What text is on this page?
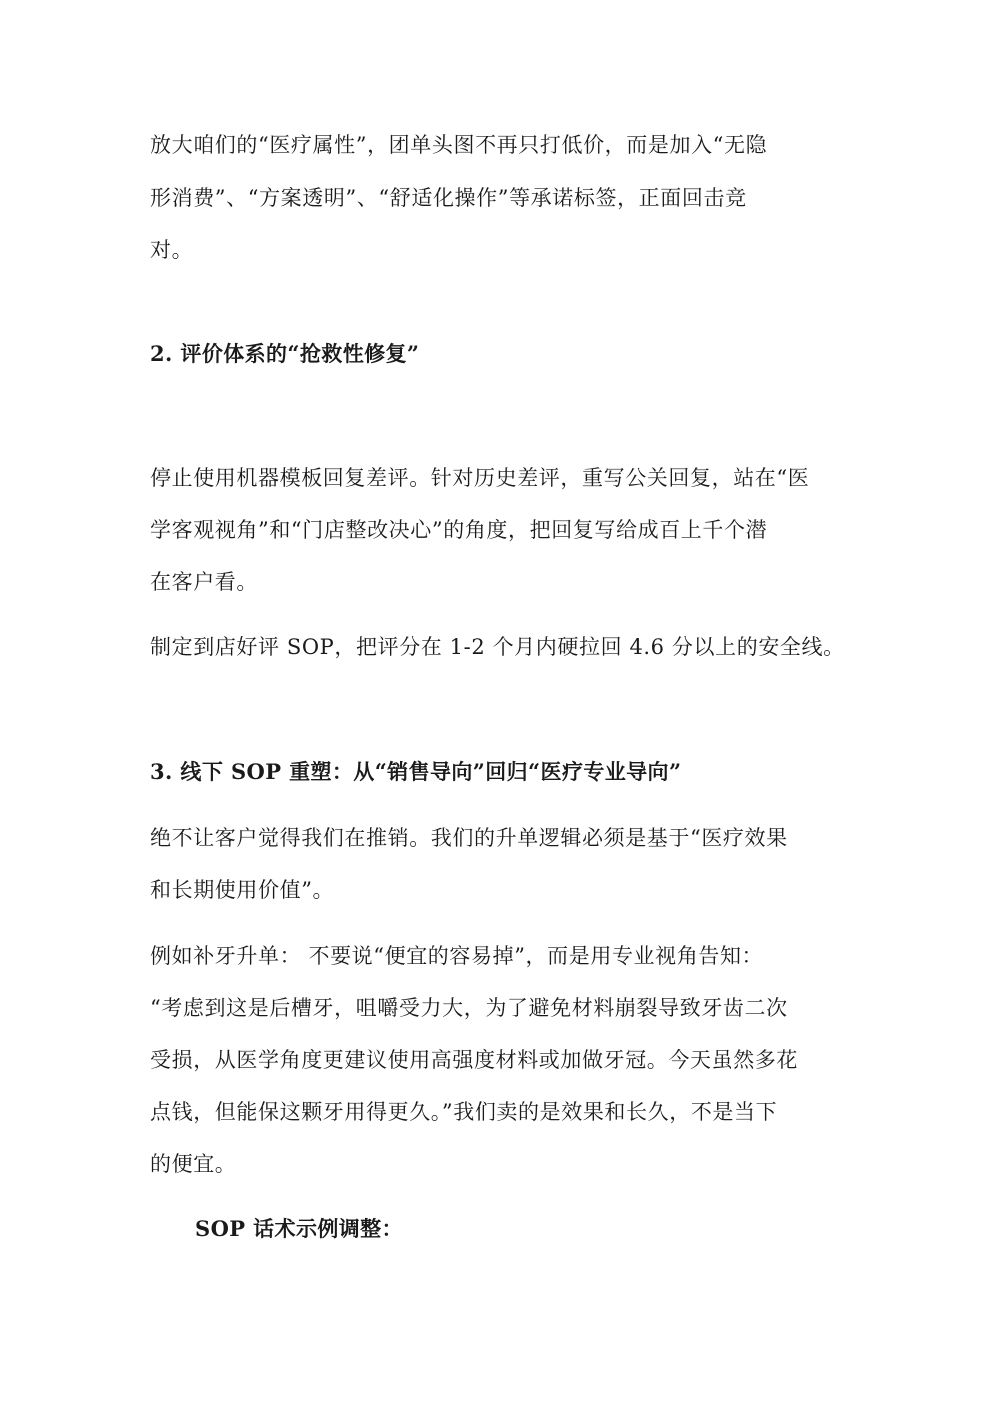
放大咱们的“医疗属性”，团单头图不再只打低价，而是加入“无隐
形消费”、“方案透明”、“舒适化操作”等承诺标签，正面回击竞
对。
2. 评价体系的“抢救性修复”
停止使用机器模板回复差评。针对历史差评，重写公关回复，站在“医
学客观视角”和“门店整改决心”的角度，把回复写给成百上千个潜
在客户看。
制定到店好评 SOP，把评分在 1-2 个月内硬拉回 4.6 分以上的安全线。
3. 线下 SOP 重塑：从“销售导向”回归“医疗专业导向”
绝不让客户觉得我们在推销。我们的升单逻辑必须是基于“医疗效果
和长期使用价值”。
例如补牙升单： 不要说“便宜的容易掉”，而是用专业视角告知：
“考虑到这是后槽牙，咀嚼受力大，为了避免材料崩裂导致牙齿二次
受损，从医学角度更建议使用高强度材料或加做牙冠。今天虽然多花
点钱，但能保这颗牙用得更久。”我们卖的是效果和长久，不是当下
的便宜。
SOP 话术示例调整：
